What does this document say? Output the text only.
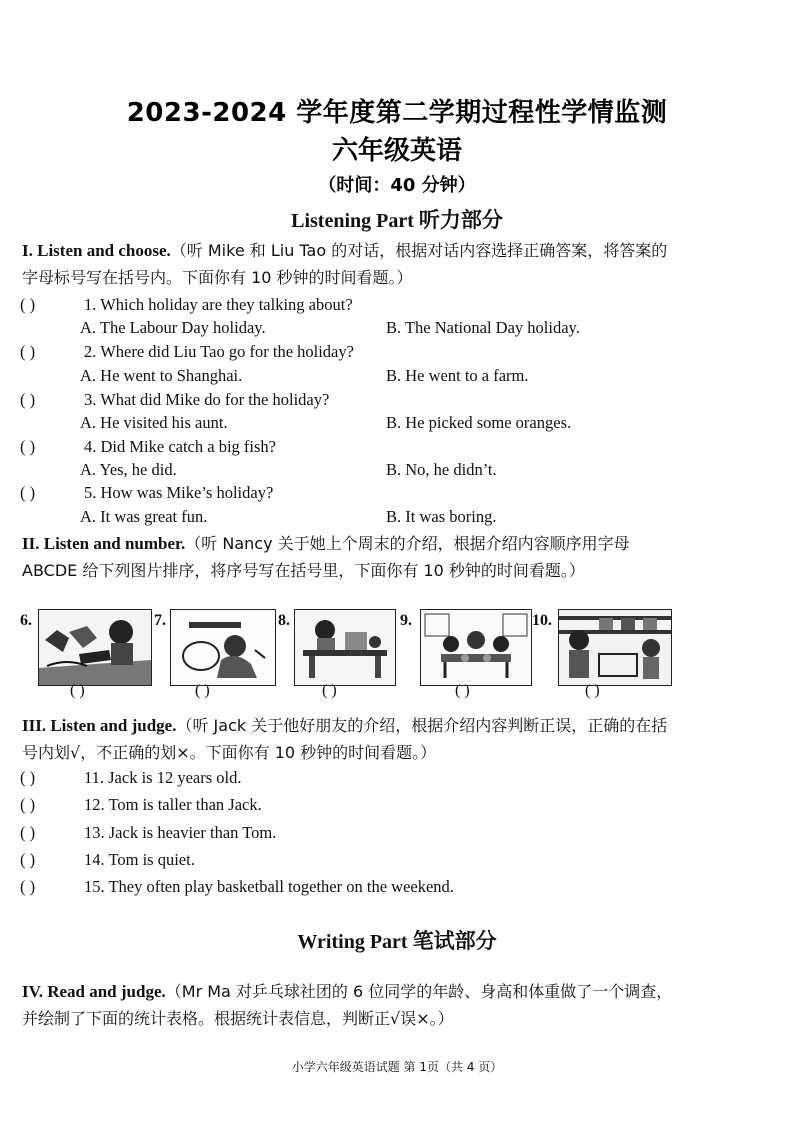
2023-2024 学年度第二学期过程性学情监测
六年级英语
（时间：40 分钟）
Listening Part 听力部分
I. Listen and choose.（听 Mike 和 Liu Tao 的对话，根据对话内容选择正确答案，将答案的字母标号写在括号内。下面你有 10 秒钟的时间看题。）
( )	1. Which holiday are they talking about?
A. The Labour Day holiday.	B. The National Day holiday.
( )	2. Where did Liu Tao go for the holiday?
A. He went to Shanghai.	B. He went to a farm.
( )	3. What did Mike do for the holiday?
A. He visited his aunt.	B. He picked some oranges.
( )	4. Did Mike catch a big fish?
A. Yes, he did.	B. No, he didn’t.
( )	5. How was Mike’s holiday?
A. It was great fun.	B. It was boring.
II. Listen and number.（听 Nancy 关于她上个周末的介绍，根据介绍内容顺序用字母 ABCDE 给下列图片排序，将序号写在括号里，下面你有 10 秒钟的时间看题。）
6.	7.	8.	9.	10.
( )	( )	( )	( )	( )
III. Listen and judge.（听 Jack 关于他好朋友的介绍，根据介绍内容判断正误，正确的在括号内划√，不正确的划×。下面你有 10 秒钟的时间看题。）
( )	11. Jack is 12 years old.
( )	12. Tom is taller than Jack.
( )	13. Jack is heavier than Tom.
( )	14. Tom is quiet.
( )	15. They often play basketball together on the weekend.
Writing Part 笔试部分
IV. Read and judge.（Mr Ma 对乒乓球社团的 6 位同学的年龄、身高和体重做了一个调查，并绘制了下面的统计表格。根据统计表信息，判断正√误×。）
小学六年级英语试题 第 1页（共 4 页）
